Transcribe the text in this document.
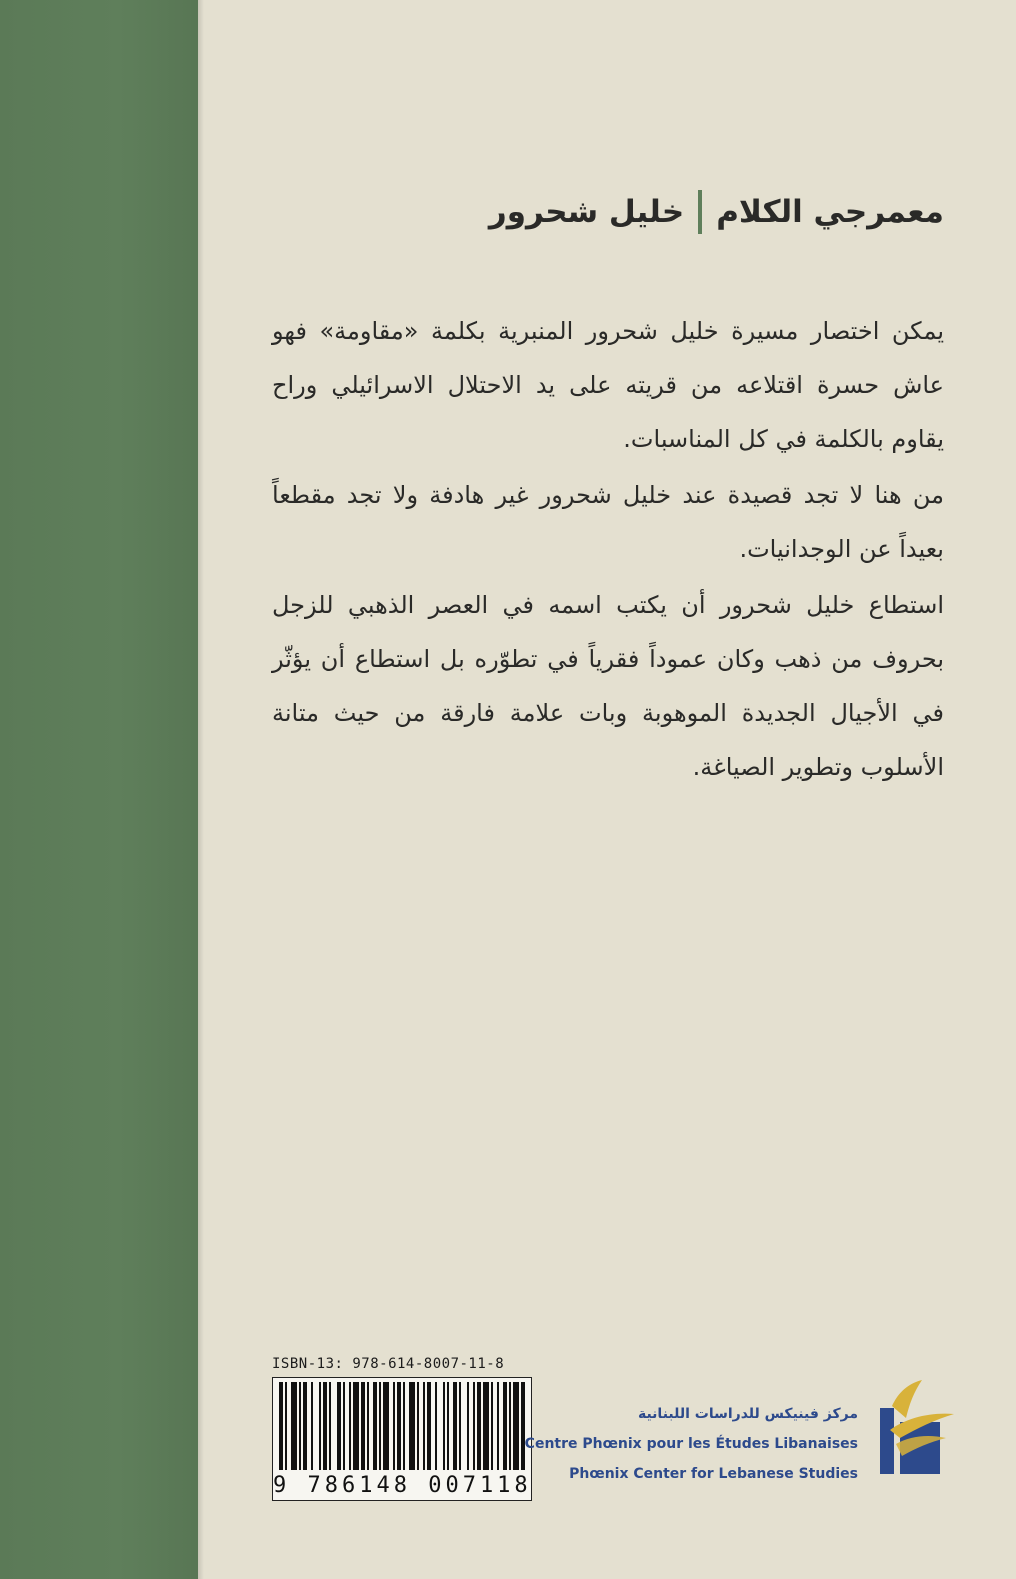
معمرجي الكلام
خليل شحرور

يمكن اختصار مسيرة خليل شحرور المنبرية بكلمة «مقاومة» فهو عاش حسرة اقتلاعه من قريته على يد الاحتلال الاسرائيلي وراح يقاوم بالكلمة في كل المناسبات.

من هنا لا تجد قصيدة عند خليل شحرور غير هادفة ولا تجد مقطعاً بعيداً عن الوجدانيات.

استطاع خليل شحرور أن يكتب اسمه في العصر الذهبي للزجل بحروف من ذهب وكان عموداً فقرياً في تطوّره بل استطاع أن يؤثّر في الأجيال الجديدة الموهوبة وبات علامة فارقة من حيث متانة الأسلوب وتطوير الصياغة.

ISBN-13: 978-614-8007-11-8
9 786148 007118
مركز فينيكس للدراسات اللبنانية
Centre Phœnix pour les Études Libanaises
Phœnix Center for Lebanese Studies
